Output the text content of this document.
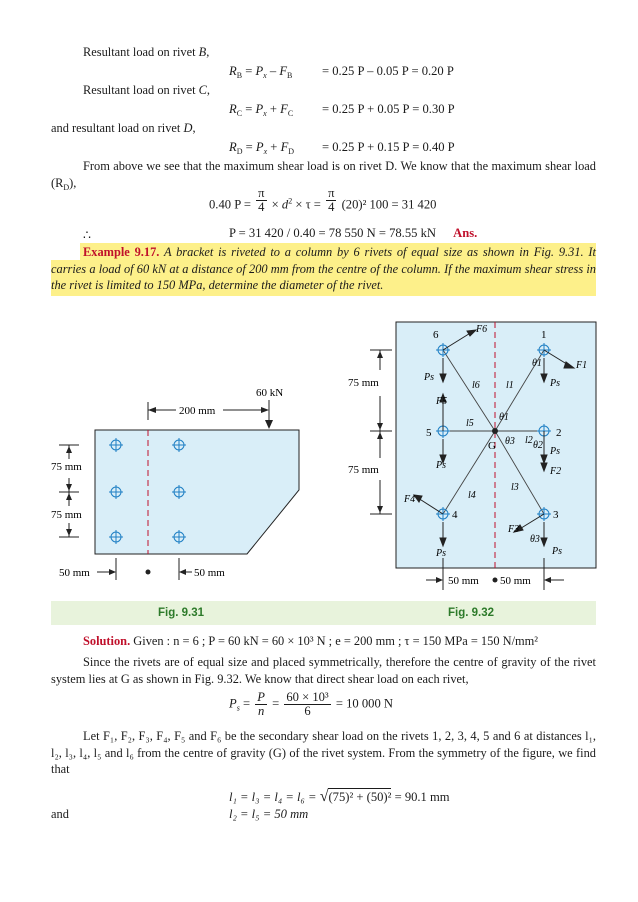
Resultant load on rivet B,
$R_B = P_x - F_B = 0.25$ P – 0.05 P = 0.20 P
Resultant load on rivet C,
$R_C = P_x + F_C = 0.25$ P + 0.05 P = 0.30 P
and resultant load on rivet D,
$R_D = P_x + F_D = 0.25$ P + 0.15 P = 0.40 P
From above we see that the maximum shear load is on rivet D. We know that the maximum shear load $(R_D)$,
0.40 $P = \frac{\pi}{4} \times d^2 \times \tau = \frac{\pi}{4} (20)^2$ 100 = 31 420
∴	P = 31 420 / 0.40 = 78 550 N = 78.55 kN Ans.
Example 9.17. A bracket is riveted to a column by 6 rivets of equal size as shown in Fig. 9.31. It carries a load of 60 kN at a distance of 200 mm from the centre of the column. If the maximum shear stress in the rivet is limited to 150 MPa, determine the diameter of the rivet.
60 kN
200 mm
75 mm
75 mm
50 mm	50 mm
G
6	1
5	2
4	3
Ps
Ps
Ps
Ps
Ps	Ps
F6
F1
F2
F3
F4
F5
l1
l2
l3
l4
l5
l6
θ1
θ1
θ3 θ2
θ3
75 mm
75 mm
50 mm 50 mm
Fig. 9.31	Fig. 9.32
Solution. Given : n = 6 ; P = 60 kN = 60 × 10³ N ; e = 200 mm ; τ = 150 MPa = 150 N/mm²
Since the rivets are of equal size and placed symmetrically, therefore the centre of gravity of the rivet system lies at G as shown in Fig. 9.32. We know that direct shear load on each rivet,
$P_s = \frac{P}{n} = \frac{\text{60 × 10³}}{6} = 10$ 000 N
Let F₁, F₂, F₃, F₄, F₅ and F₆ be the secondary shear load on the rivets 1, 2, 3, 4, 5 and 6 at distances l₁, l₂, l₃, l₄, l₅ and l₆ from the centre of gravity (G) of the rivet system. From the symmetry of the figure, we find that
l₁ = l₃ = l₄ = l₆ = √(75)² + (50)² = 90.1 mm
and	l₂ = l₅ = 50 mm
